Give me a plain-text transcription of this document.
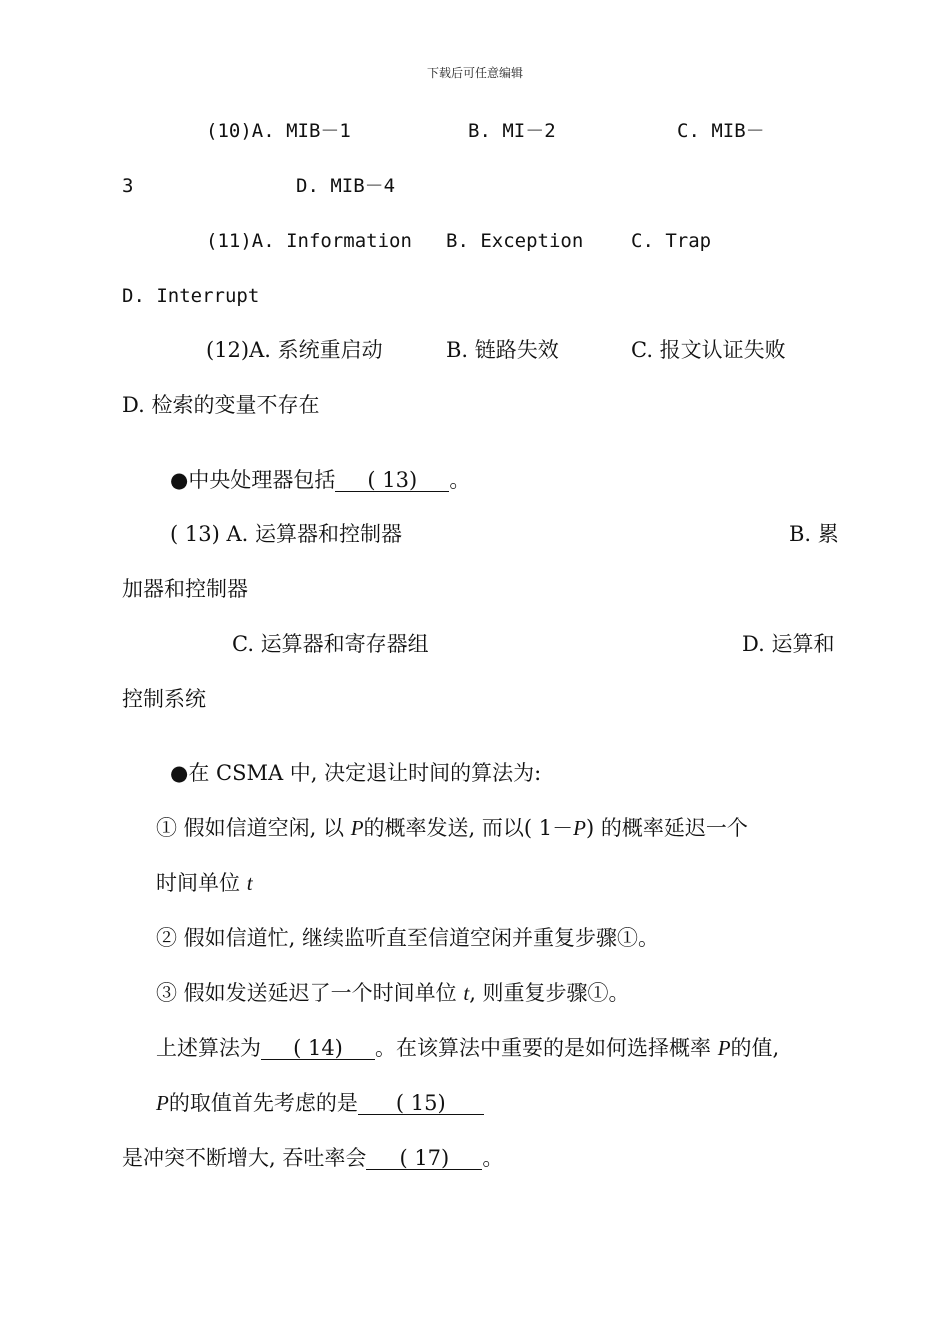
下载后可任意编辑
(10)A. MIB－1	B. MI－2	C. MIB－
3	D. MIB－4
(11)A. Information B. Exception	C. Trap
D. Interrupt
(12)A. 系统重启动	B. 链路失效	C. 报文认证失败
D. 检索的变量不存在
●中央处理器包括 ( 13) 。
( 13) A. 运算器和控制器	B. 累
加器和控制器
C. 运算器和寄存器组	D. 运算和
控制系统
●在 CSMA 中, 决定退让时间的算法为:
① 假如信道空闲, 以 P的概率发送, 而以( 1－P) 的概率延迟一个
时间单位 t
② 假如信道忙, 继续监听直至信道空闲并重复步骤①。
③ 假如发送延迟了一个时间单位 t, 则重复步骤①。
上述算法为 ( 14) 。在该算法中重要的是如何选择概率 P的值,
P的取值首先考虑的是 ( 15)
是冲突不断增大, 吞吐率会 ( 17) 。
